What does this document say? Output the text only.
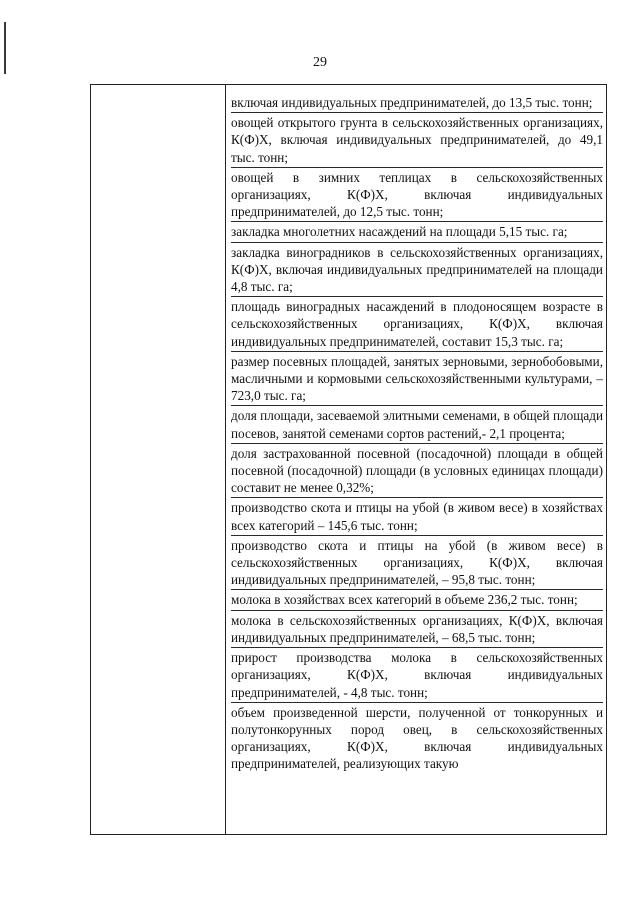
29
включая индивидуальных предпринимателей, до 13,5 тыс. тонн;
овощей открытого грунта в сельскохозяйственных организациях, К(Ф)Х, включая индивидуальных предпринимателей, до 49,1 тыс. тонн;
овощей в зимних теплицах в сельскохозяйственных организациях, К(Ф)Х, включая индивидуальных предпринимателей, до 12,5 тыс. тонн;
закладка многолетних насаждений на площади 5,15 тыс. га;
закладка виноградников в сельскохозяйственных организациях, К(Ф)Х, включая индивидуальных предпринимателей на площади 4,8 тыс. га;
площадь виноградных насаждений в плодоносящем возрасте в сельскохозяйственных организациях, К(Ф)Х, включая индивидуальных предпринимателей, составит 15,3 тыс. га;
размер посевных площадей, занятых зерновыми, зернобобовыми, масличными и кормовыми сельскохозяйственными культурами, – 723,0 тыс. га;
доля площади, засеваемой элитными семенами, в общей площади посевов, занятой семенами сортов растений,- 2,1 процента;
доля застрахованной посевной (посадочной) площади в общей посевной (посадочной) площади (в условных единицах площади) составит не менее 0,32%;
производство скота и птицы на убой (в живом весе) в хозяйствах всех категорий – 145,6 тыс. тонн;
производство скота и птицы на убой (в живом весе) в сельскохозяйственных организациях, К(Ф)Х, включая индивидуальных предпринимателей, – 95,8 тыс. тонн;
молока в хозяйствах всех категорий в объеме 236,2 тыс. тонн;
молока в сельскохозяйственных организациях, К(Ф)Х, включая индивидуальных предпринимателей, – 68,5 тыс. тонн;
прирост производства молока в сельскохозяйственных организациях, К(Ф)Х, включая индивидуальных предпринимателей, - 4,8 тыс. тонн;
объем произведенной шерсти, полученной от тонкорунных и полутонкорунных пород овец, в сельскохозяйственных организациях, К(Ф)Х, включая индивидуальных предпринимателей, реализующих такую
